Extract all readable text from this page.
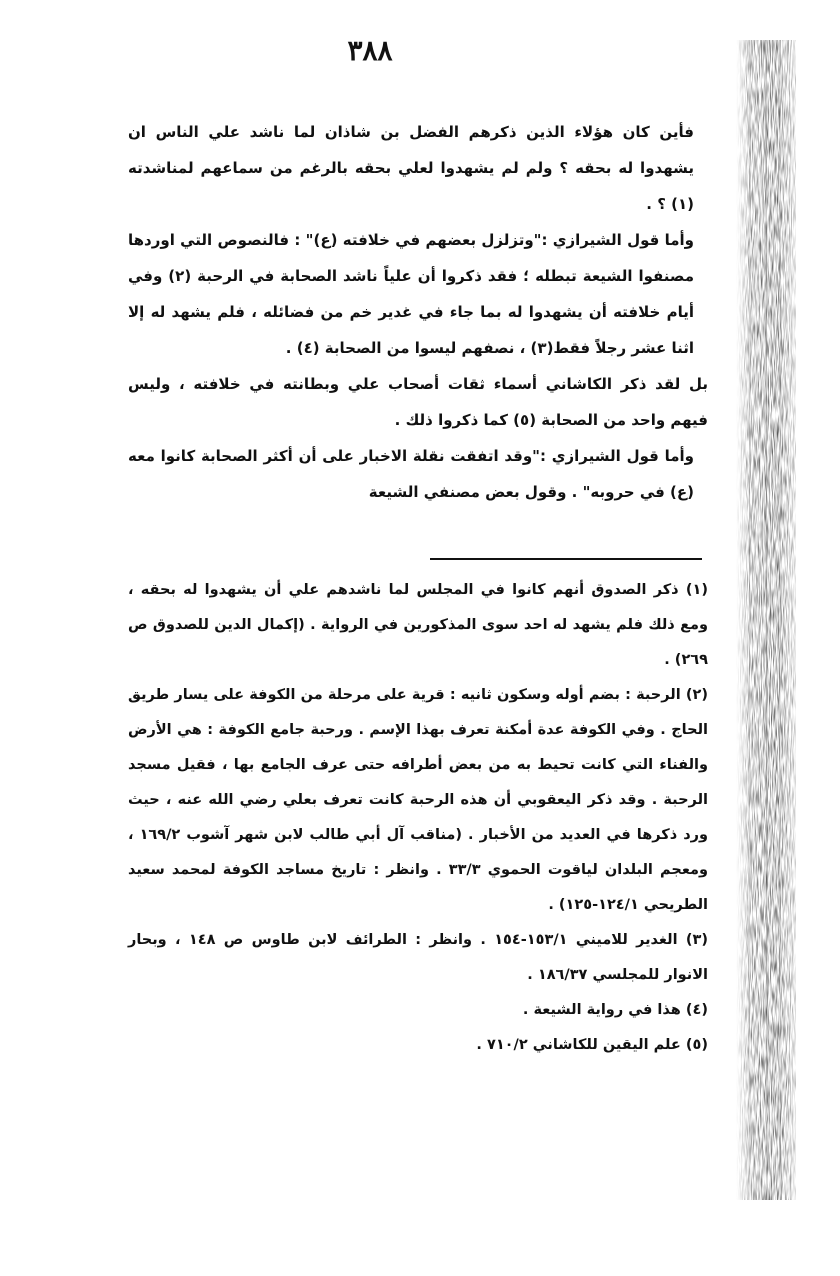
٣٨٨

فأين كان هؤلاء الذين ذكرهم الفضل بن شاذان لما ناشد علي الناس ان يشهدوا له بحقه ؟ ولم لم يشهدوا لعلي بحقه بالرغم من سماعهم لمناشدته (١) ؟ .

وأما قول الشيرازي :"وتزلزل بعضهم في خلافته (ع)" : فالنصوص التي اوردها مصنفوا الشيعة تبطله ؛ فقد ذكروا أن علياً ناشد الصحابة في الرحبة (٢) وفي أيام خلافته أن يشهدوا له بما جاء في غدير خم من فضائله ، فلم يشهد له إلا اثنا عشر رجلاً فقط(٣) ، نصفهم ليسوا من الصحابة (٤) .

بل لقد ذكر الكاشاني أسماء ثقات أصحاب علي وبطانته في خلافته ، وليس فيهم واحد من الصحابة (٥) كما ذكروا ذلك .

وأما قول الشيرازي :"وقد اتفقت نقلة الاخبار على أن أكثر الصحابة كانوا معه (ع) في حروبه" . وقول بعض مصنفي الشيعة

(١) ذكر الصدوق أنهم كانوا في المجلس لما ناشدهم علي أن يشهدوا له بحقه ، ومع ذلك فلم يشهد له احد سوى المذكورين في الرواية . (إكمال الدين للصدوق ص ٢٦٩) .

(٢) الرحبة : بضم أوله وسكون ثانيه : قرية على مرحلة من الكوفة على يسار طريق الحاج . وفي الكوفة عدة أمكنة تعرف بهذا الإسم . ورحبة جامع الكوفة : هي الأرض والفناء التي كانت تحيط به من بعض أطرافه حتى عرف الجامع بها ، فقيل مسجد الرحبة . وقد ذكر اليعقوبي أن هذه الرحبة كانت تعرف بعلي رضي الله عنه ، حيث ورد ذكرها في العديد من الأخبار . (مناقب آل أبي طالب لابن شهر آشوب ١٦٩/٢ ، ومعجم البلدان لياقوت الحموي ٣٣/٣ . وانظر : تاريخ مساجد الكوفة لمحمد سعيد الطريحي ١٢٤/١-١٢٥) .

(٣) الغدير للاميني ١٥٣/١-١٥٤ . وانظر : الطرائف لابن طاوس ص ١٤٨ ، وبحار الانوار للمجلسي ١٨٦/٣٧ .

(٤) هذا في رواية الشيعة .

(٥) علم اليقين للكاشاني ٧١٠/٢ .
